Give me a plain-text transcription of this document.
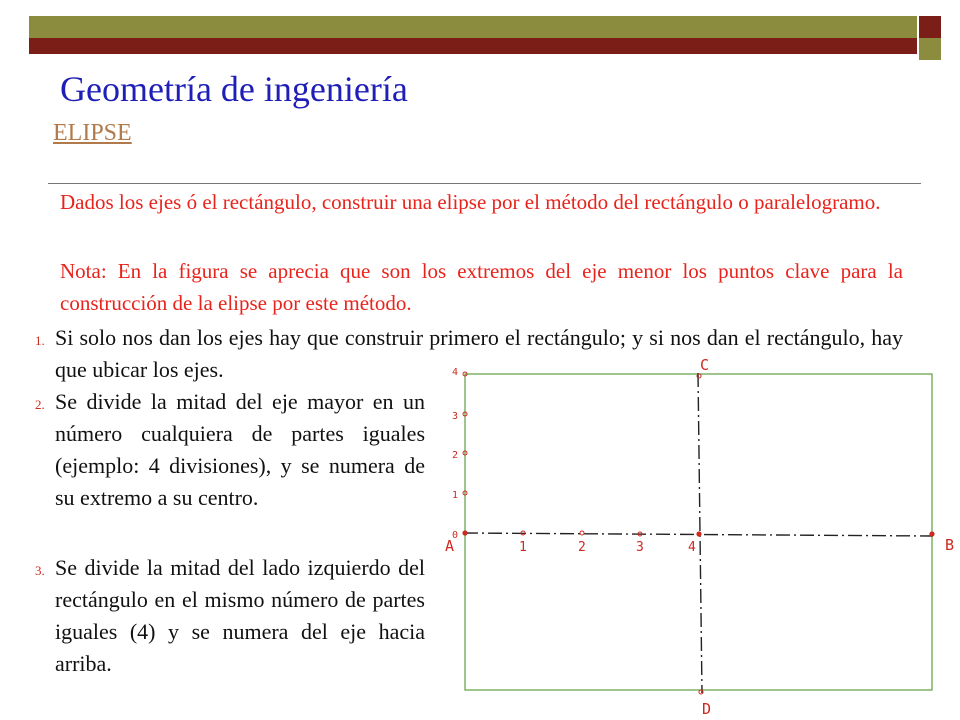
Geometría de ingeniería
ELIPSE
Dados los ejes ó el rectángulo, construir una elipse por el método del rectángulo o paralelogramo.
Nota: En la figura se aprecia que son los extremos del eje menor los puntos clave para la construcción de la elipse por este método.
1. Si solo nos dan los ejes hay que construir primero el rectángulo; y si nos dan el rectángulo, hay que ubicar los ejes.
2. Se divide la mitad del eje mayor en un número cualquiera de partes iguales (ejemplo: 4 divisiones), y se numera de su extremo a su centro.
3. Se divide la mitad del lado izquierdo del rectángulo en el mismo número de partes iguales (4) y se numera del eje hacia arriba.
A	B
C
D
1	2	3	4
0
1
2
3
4
